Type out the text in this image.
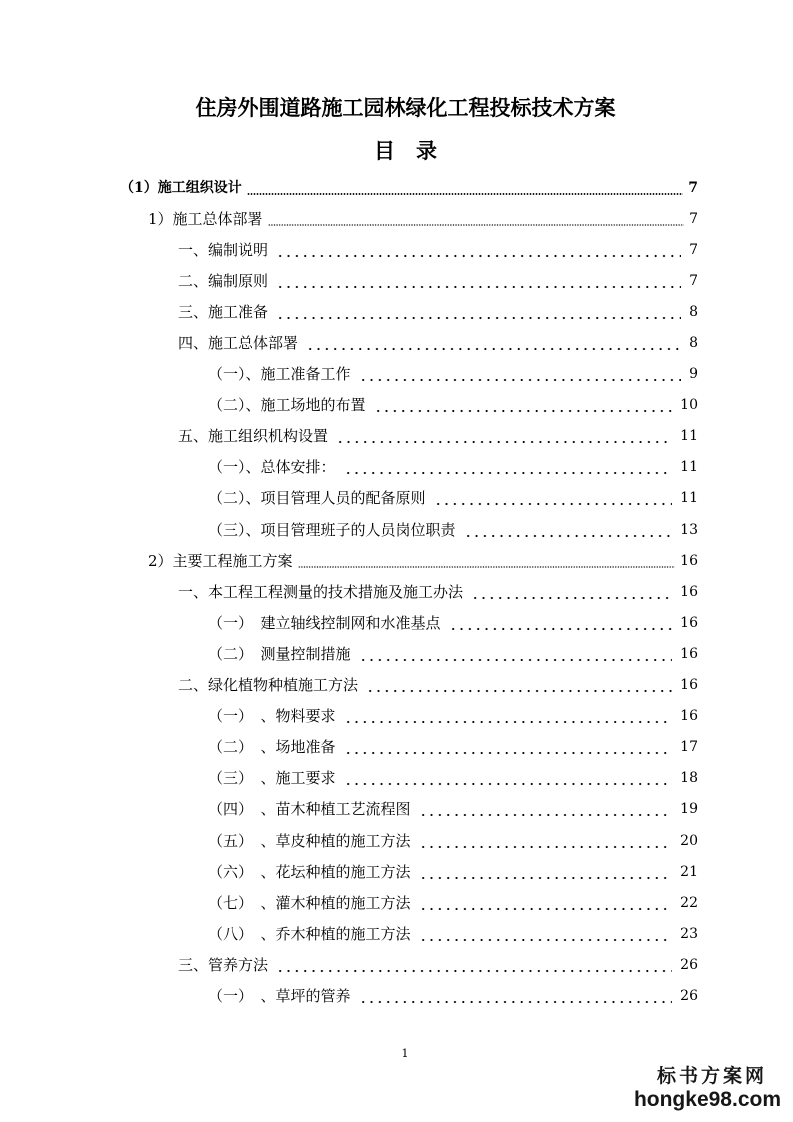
住房外围道路施工园林绿化工程投标技术方案
目　录
（1）施工组织设计	7
1）施工总体部署	7
一、编制说明	7
二、编制原则	7
三、施工准备	8
四、施工总体部署	8
（一）、施工准备工作	9
（二）、施工场地的布置	10
五、施工组织机构设置	11
（一）、总体安排：	11
（二）、项目管理人员的配备原则	11
（三）、项目管理班子的人员岗位职责	13
2）主要工程施工方案	16
一、本工程工程测量的技术措施及施工办法	16
（一）　建立轴线控制网和水准基点	16
（二）　测量控制措施	16
二、绿化植物种植施工方法	16
（一）　、物料要求	16
（二）　、场地准备	17
（三）　、施工要求	18
（四）　、苗木种植工艺流程图	19
（五）　、草皮种植的施工方法	20
（六）　、花坛种植的施工方法	21
（七）　、灌木种植的施工方法	22
（八）　、乔木种植的施工方法	23
三、管养方法	26
（一）　、草坪的管养	26
1
标书方案网
hongke98.com
